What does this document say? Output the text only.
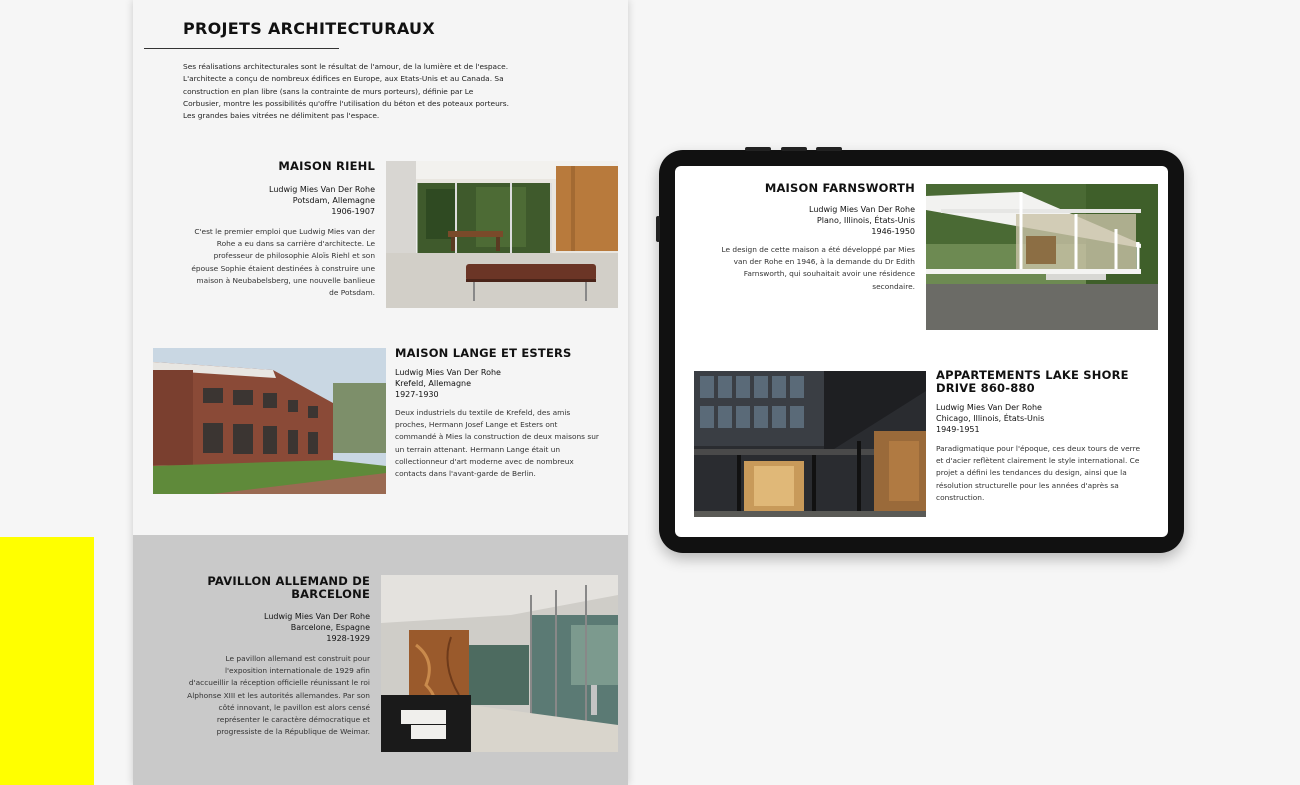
PROJETS ARCHITECTURAUX

Ses réalisations architecturales sont le résultat de l'amour, de la lumière et de l'espace. L'architecte a conçu de nombreux édifices en Europe, aux Etats-Unis et au Canada. Sa construction en plan libre (sans la contrainte de murs porteurs), définie par Le Corbusier, montre les possibilités qu'offre l'utilisation du béton et des poteaux porteurs. Les grandes baies vitrées ne délimitent pas l'espace.

MAISON RIEHL
Ludwig Mies Van Der Rohe
Potsdam, Allemagne
1906-1907

C'est le premier emploi que Ludwig Mies van der Rohe a eu dans sa carrière d'architecte. Le professeur de philosophie Aloïs Riehl et son épouse Sophie étaient destinées à construire une maison à Neubabelsberg, une nouvelle banlieue de Potsdam.

MAISON LANGE ET ESTERS
Ludwig Mies Van Der Rohe
Krefeld, Allemagne
1927-1930

Deux industriels du textile de Krefeld, des amis proches, Hermann Josef Lange et Esters ont commandé à Mies la construction de deux maisons sur un terrain attenant. Hermann Lange était un collectionneur d'art moderne avec de nombreux contacts dans l'avant-garde de Berlin.

PAVILLON ALLEMAND DE BARCELONE
Ludwig Mies Van Der Rohe
Barcelone, Espagne
1928-1929

Le pavillon allemand est construit pour l'exposition internationale de 1929 afin d'accueillir la réception officielle réunissant le roi Alphonse XIII et les autorités allemandes. Par son côté innovant, le pavillon est alors censé représenter le caractère démocratique et progressiste de la République de Weimar.

MAISON FARNSWORTH
Ludwig Mies Van Der Rohe
Plano, Illinois, États-Unis
1946-1950

Le design de cette maison a été développé par Mies van der Rohe en 1946, à la demande du Dr Edith Farnsworth, qui souhaitait avoir une résidence secondaire.

APPARTEMENTS LAKE SHORE DRIVE 860-880
Ludwig Mies Van Der Rohe
Chicago, Illinois, États-Unis
1949-1951

Paradigmatique pour l'époque, ces deux tours de verre et d'acier reflètent clairement le style international. Ce projet a défini les tendances du design, ainsi que la résolution structurelle pour les années d'après sa construction.
